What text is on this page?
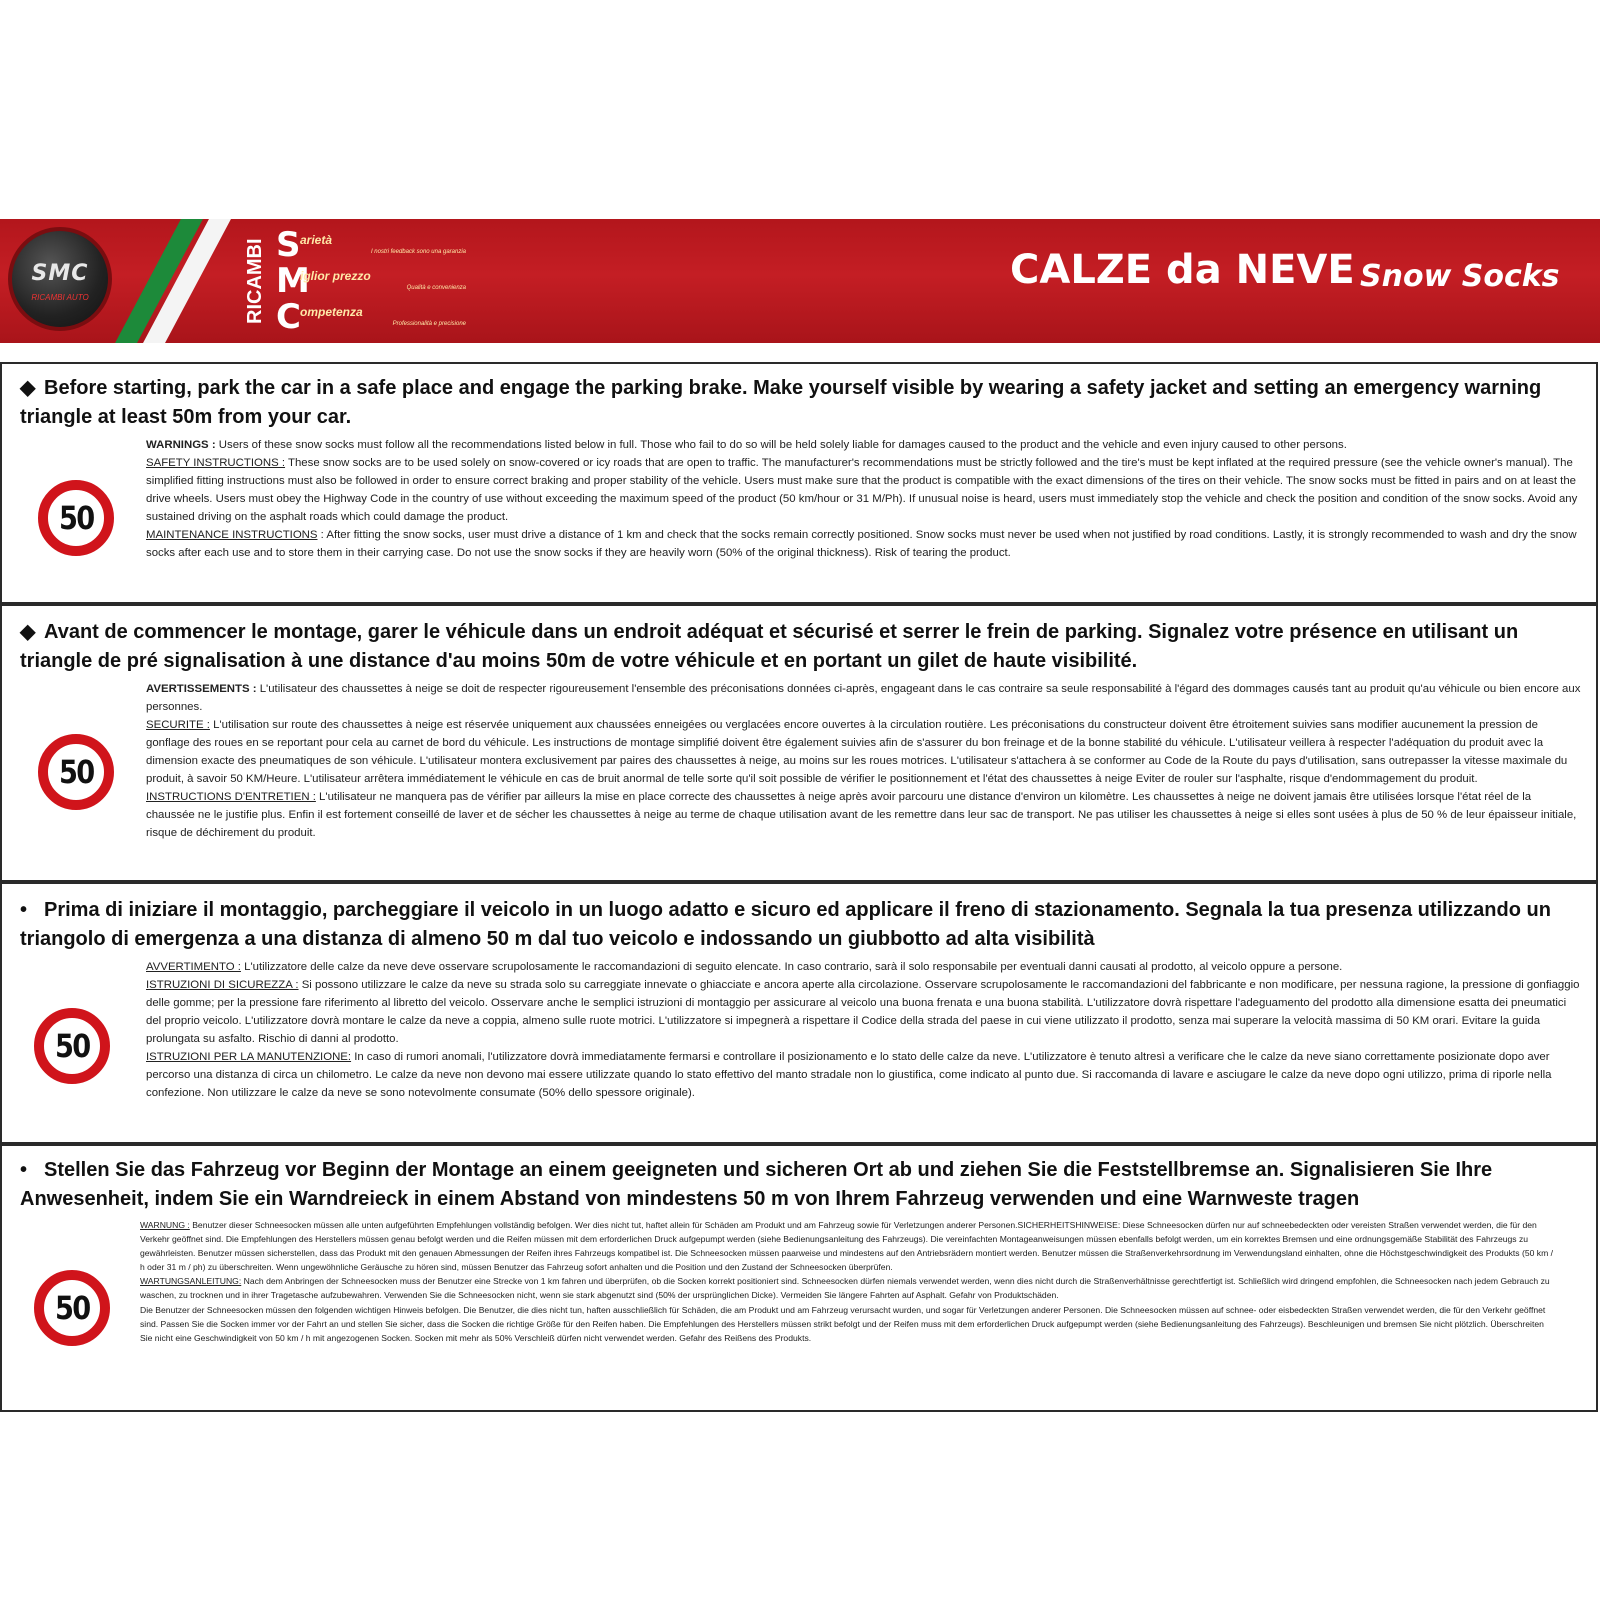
SMC
RICAMBI AUTO	RICAMBI S arietà
I nostri feedback sono una garanzia
M
iglior prezzo
Qualità e convenienza
C ompetenza
Professionalità e precisione
CALZE da NEVE Snow Socks
◆ Before starting, park the car in a safe place and engage the parking brake. Make yourself visible by wearing a safety jacket and setting an emergency warning triangle at least 50m from your car.
50
WARNINGS : Users of these snow socks must follow all the recommendations listed below in full. Those who fail to do so will be held solely liable for damages caused to the product and the vehicle and even injury caused to other persons.
SAFETY INSTRUCTIONS : These snow socks are to be used solely on snow-covered or icy roads that are open to traffic. The manufacturer's recommendations must be strictly followed and the tire's must be kept inflated at the required pressure (see the vehicle owner's manual). The simplified fitting instructions must also be followed in order to ensure correct braking and proper stability of the vehicle. Users must make sure that the product is compatible with the exact dimensions of the tires on their vehicle. The snow socks must be fitted in pairs and on at least the drive wheels. Users must obey the Highway Code in the country of use without exceeding the maximum speed of the product (50 km/hour or 31 M/Ph). If unusual noise is heard, users must immediately stop the vehicle and check the position and condition of the snow socks. Avoid any sustained driving on the asphalt roads which could damage the product.
MAINTENANCE INSTRUCTIONS : After fitting the snow socks, user must drive a distance of 1 km and check that the socks remain correctly positioned. Snow socks must never be used when not justified by road conditions. Lastly, it is strongly recommended to wash and dry the snow socks after each use and to store them in their carrying case. Do not use the snow socks if they are heavily worn (50% of the original thickness). Risk of tearing the product.
◆ Avant de commencer le montage, garer le véhicule dans un endroit adéquat et sécurisé et serrer le frein de parking. Signalez votre présence en utilisant un triangle de pré signalisation à une distance d'au moins 50m de votre véhicule et en portant un gilet de haute visibilité.
50
AVERTISSEMENTS : L'utilisateur des chaussettes à neige se doit de respecter rigoureusement l'ensemble des préconisations données ci-après, engageant dans le cas contraire sa seule responsabilité à l'égard des dommages causés tant au produit qu'au véhicule ou bien encore aux personnes.
SECURITE : L'utilisation sur route des chaussettes à neige est réservée uniquement aux chaussées enneigées ou verglacées encore ouvertes à la circulation routière. Les préconisations du constructeur doivent être étroitement suivies sans modifier aucunement la pression de gonflage des roues en se reportant pour cela au carnet de bord du véhicule. Les instructions de montage simplifié doivent être également suivies afin de s'assurer du bon freinage et de la bonne stabilité du véhicule. L'utilisateur veillera à respecter l'adéquation du produit avec la dimension exacte des pneumatiques de son véhicule. L'utilisateur montera exclusivement par paires des chaussettes à neige, au moins sur les roues motrices. L'utilisateur s'attachera à se conformer au Code de la Route du pays d'utilisation, sans outrepasser la vitesse maximale du produit, à savoir 50 KM/Heure. L'utilisateur arrêtera immédiatement le véhicule en cas de bruit anormal de telle sorte qu'il soit possible de vérifier le positionnement et l'état des chaussettes à neige Eviter de rouler sur l'asphalte, risque d'endommagement du produit.
INSTRUCTIONS D'ENTRETIEN : L'utilisateur ne manquera pas de vérifier par ailleurs la mise en place correcte des chaussettes à neige après avoir parcouru une distance d'environ un kilomètre. Les chaussettes à neige ne doivent jamais être utilisées lorsque l'état réel de la chaussée ne le justifie plus. Enfin il est fortement conseillé de laver et de sécher les chaussettes à neige au terme de chaque utilisation avant de les remettre dans leur sac de transport. Ne pas utiliser les chaussettes à neige si elles sont usées à plus de 50 % de leur épaisseur initiale, risque de déchirement du produit.
• Prima di iniziare il montaggio, parcheggiare il veicolo in un luogo adatto e sicuro ed applicare il freno di stazionamento. Segnala la tua presenza utilizzando un triangolo di emergenza a una distanza di almeno 50 m dal tuo veicolo e indossando un giubbotto ad alta visibilità
50
AVVERTIMENTO : L'utilizzatore delle calze da neve deve osservare scrupolosamente le raccomandazioni di seguito elencate. In caso contrario, sarà il solo responsabile per eventuali danni causati al prodotto, al veicolo oppure a persone.
ISTRUZIONI DI SICUREZZA : Si possono utilizzare le calze da neve su strada solo su carreggiate innevate o ghiacciate e ancora aperte alla circolazione. Osservare scrupolosamente le raccomandazioni del fabbricante e non modificare, per nessuna ragione, la pressione di gonfiaggio delle gomme; per la pressione fare riferimento al libretto del veicolo. Osservare anche le semplici istruzioni di montaggio per assicurare al veicolo una buona frenata e una buona stabilità. L'utilizzatore dovrà rispettare l'adeguamento del prodotto alla dimensione esatta dei pneumatici del proprio veicolo. L'utilizzatore dovrà montare le calze da neve a coppia, almeno sulle ruote motrici. L'utilizzatore si impegnerà a rispettare il Codice della strada del paese in cui viene utilizzato il prodotto, senza mai superare la velocità massima di 50 KM orari. Evitare la guida prolungata su asfalto. Rischio di danni al prodotto.
ISTRUZIONI PER LA MANUTENZIONE: In caso di rumori anomali, l'utilizzatore dovrà immediatamente fermarsi e controllare il posizionamento e lo stato delle calze da neve. L'utilizzatore è tenuto altresì a verificare che le calze da neve siano correttamente posizionate dopo aver percorso una distanza di circa un chilometro. Le calze da neve non devono mai essere utilizzate quando lo stato effettivo del manto stradale non lo giustifica, come indicato al punto due. Si raccomanda di lavare e asciugare le calze da neve dopo ogni utilizzo, prima di riporle nella confezione. Non utilizzare le calze da neve se sono notevolmente consumate (50% dello spessore originale).
• Stellen Sie das Fahrzeug vor Beginn der Montage an einem geeigneten und sicheren Ort ab und ziehen Sie die Feststellbremse an. Signalisieren Sie Ihre Anwesenheit, indem Sie ein Warndreieck in einem Abstand von mindestens 50 m von Ihrem Fahrzeug verwenden und eine Warnweste tragen
50
WARNUNG : Benutzer dieser Schneesocken müssen alle unten aufgeführten Empfehlungen vollständig befolgen. Wer dies nicht tut, haftet allein für Schäden am Produkt und am Fahrzeug sowie für Verletzungen anderer Personen.SICHERHEITSHINWEISE: Diese Schneesocken dürfen nur auf schneebedeckten oder vereisten Straßen verwendet werden, die für den Verkehr geöffnet sind. Die Empfehlungen des Herstellers müssen genau befolgt werden und die Reifen müssen mit dem erforderlichen Druck aufgepumpt werden (siehe Bedienungsanleitung des Fahrzeugs). Die vereinfachten Montageanweisungen müssen ebenfalls befolgt werden, um ein korrektes Bremsen und eine ordnungsgemäße Stabilität des Fahrzeugs zu gewährleisten. Benutzer müssen sicherstellen, dass das Produkt mit den genauen Abmessungen der Reifen ihres Fahrzeugs kompatibel ist. Die Schneesocken müssen paarweise und mindestens auf den Antriebsrädern montiert werden. Benutzer müssen die Straßenverkehrsordnung im Verwendungsland einhalten, ohne die Höchstgeschwindigkeit des Produkts (50 km / h oder 31 m / ph) zu überschreiten. Wenn ungewöhnliche Geräusche zu hören sind, müssen Benutzer das Fahrzeug sofort anhalten und die Position und den Zustand der Schneesocken überprüfen.
WARTUNGSANLEITUNG: Nach dem Anbringen der Schneesocken muss der Benutzer eine Strecke von 1 km fahren und überprüfen, ob die Socken korrekt positioniert sind. Schneesocken dürfen niemals verwendet werden, wenn dies nicht durch die Straßenverhältnisse gerechtfertigt ist. Schließlich wird dringend empfohlen, die Schneesocken nach jedem Gebrauch zu waschen, zu trocknen und in ihrer Tragetasche aufzubewahren. Verwenden Sie die Schneesocken nicht, wenn sie stark abgenutzt sind (50% der ursprünglichen Dicke). Vermeiden Sie längere Fahrten auf Asphalt. Gefahr von Produktschäden.
Die Benutzer der Schneesocken müssen den folgenden wichtigen Hinweis befolgen. Die Benutzer, die dies nicht tun, haften ausschließlich für Schäden, die am Produkt und am Fahrzeug verursacht wurden, und sogar für Verletzungen anderer Personen. Die Schneesocken müssen auf schnee- oder eisbedeckten Straßen verwendet werden, die für den Verkehr geöffnet sind. Passen Sie die Socken immer vor der Fahrt an und stellen Sie sicher, dass die Socken die richtige Größe für den Reifen haben. Die Empfehlungen des Herstellers müssen strikt befolgt und der Reifen muss mit dem erforderlichen Druck aufgepumpt werden (siehe Bedienungsanleitung des Fahrzeugs). Beschleunigen und bremsen Sie nicht plötzlich. Überschreiten Sie nicht eine Geschwindigkeit von 50 km / h mit angezogenen Socken. Socken mit mehr als 50% Verschleiß dürfen nicht verwendet werden. Gefahr des Reißens des Produkts.
